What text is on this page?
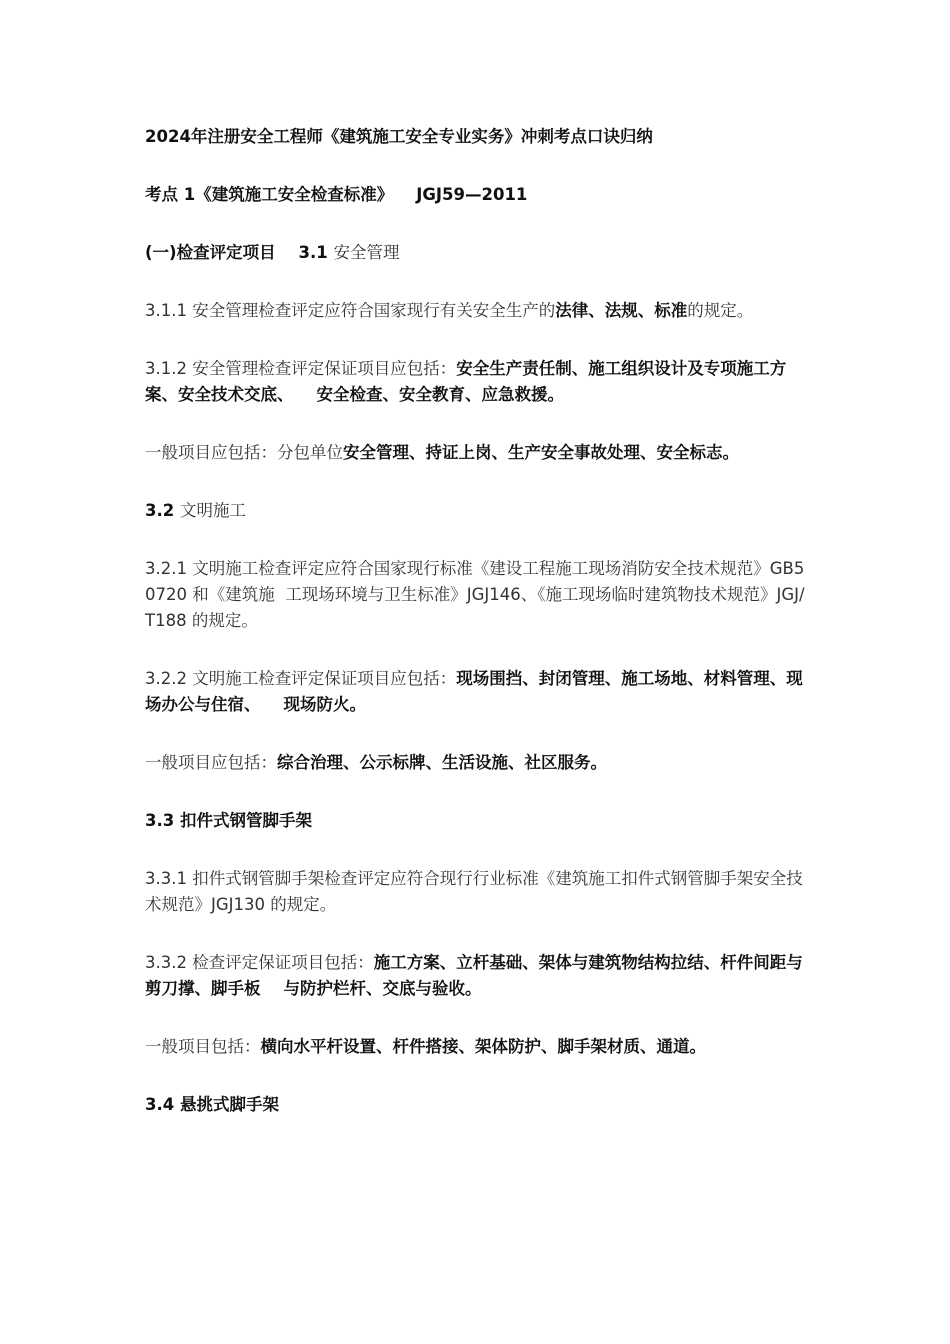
2024年注册安全工程师《建筑施工安全专业实务》冲刺考点口诀归纳

考点 1《建筑施工安全检查标准》    JGJ59—2011

(一)检查评定项目    3.1 安全管理

3.1.1 安全管理检查评定应符合国家现行有关安全生产的法律、法规、标准的规定。

3.1.2 安全管理检查评定保证项目应包括：安全生产责任制、施工组织设计及专项施工方案、安全技术交底、    安全检查、安全教育、应急救援。

一般项目应包括：分包单位安全管理、持证上岗、生产安全事故处理、安全标志。

3.2 文明施工

3.2.1 文明施工检查评定应符合国家现行标准《建设工程施工现场消防安全技术规范》GB50720 和《建筑施  工现场环境与卫生标准》JGJ146、《施工现场临时建筑物技术规范》JGJ/T188 的规定。

3.2.2 文明施工检查评定保证项目应包括：现场围挡、封闭管理、施工场地、材料管理、现场办公与住宿、    现场防火。

一般项目应包括：综合治理、公示标牌、生活设施、社区服务。

3.3 扣件式钢管脚手架

3.3.1 扣件式钢管脚手架检查评定应符合现行行业标准《建筑施工扣件式钢管脚手架安全技术规范》JGJ130 的规定。

3.3.2 检查评定保证项目包括：施工方案、立杆基础、架体与建筑物结构拉结、杆件间距与剪刀撑、脚手板    与防护栏杆、交底与验收。

一般项目包括：横向水平杆设置、杆件搭接、架体防护、脚手架材质、通道。

3.4 悬挑式脚手架
